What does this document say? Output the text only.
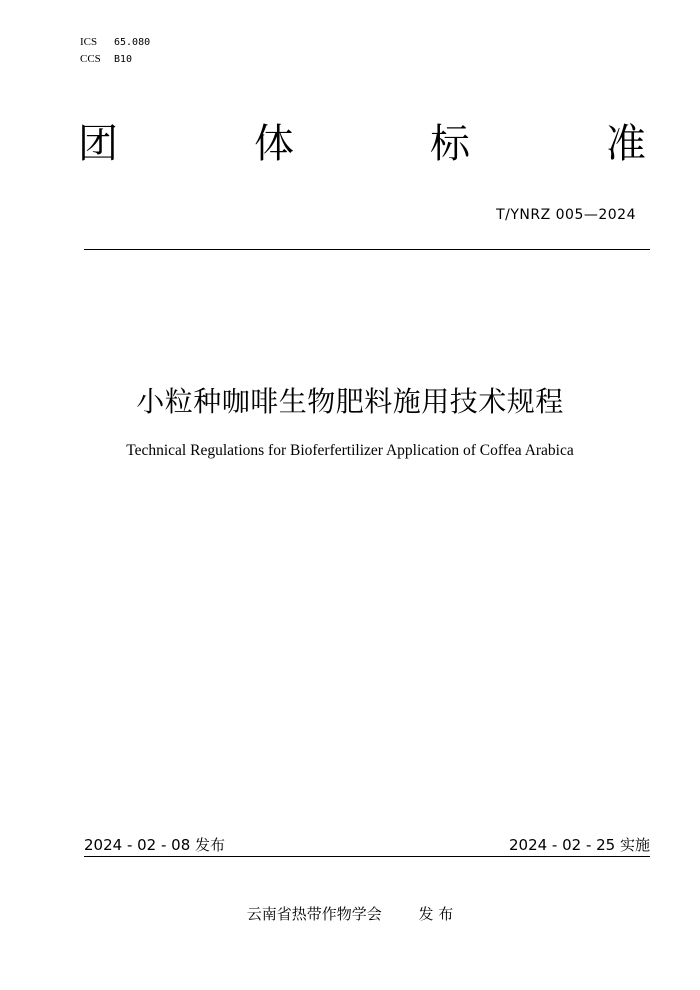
ICS	65.080
CCS	B10
团	体	标	准
T/YNRZ 005—2024
小粒种咖啡生物肥料施用技术规程
Technical Regulations for Bioferfertilizer Application of Coffea Arabica
2024 - 02 - 08 发布	2024 - 02 - 25 实施
云南省热带作物学会 发 布
